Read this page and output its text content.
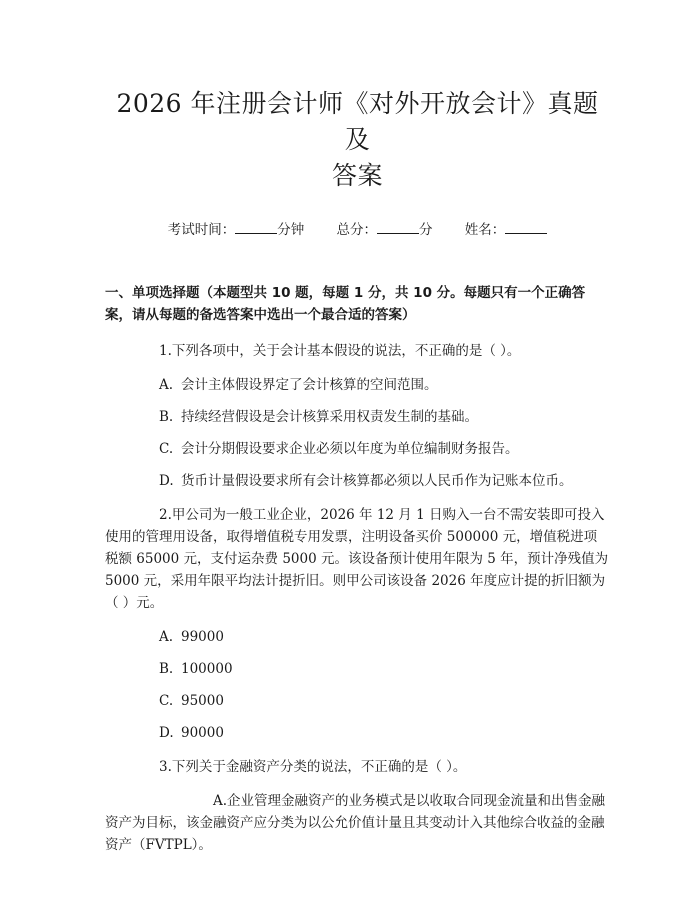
2026 年注册会计师《对外开放会计》真题及
答案
考试时间：	分钟 总分：	分 姓名：
一、单项选择题（本题型共 10 题，每题 1 分，共 10 分。每题只有一个正确答案，请从每题的备选答案中选出一个最合适的答案）

1.下列各项中，关于会计基本假设的说法，不正确的是（ ）。

A. 会计主体假设界定了会计核算的空间范围。

B. 持续经营假设是会计核算采用权责发生制的基础。

C. 会计分期假设要求企业必须以年度为单位编制财务报告。

D. 货币计量假设要求所有会计核算都必须以人民币作为记账本位币。

2.甲公司为一般工业企业，2026 年 12 月 1 日购入一台不需安装即可投入使用的管理用设备，取得增值税专用发票，注明设备买价 500000 元，增值税进项税额 65000 元，支付运杂费 5000 元。该设备预计使用年限为 5 年，预计净残值为 5000 元，采用年限平均法计提折旧。则甲公司该设备 2026 年度应计提的折旧额为（ ）元。

A. 99000

B. 100000

C. 95000

D. 90000

3.下列关于金融资产分类的说法，不正确的是（ ）。

A.企业管理金融资产的业务模式是以收取合同现金流量和出售金融资产为目标，该金融资产应分类为以公允价值计量且其变动计入其他综合收益的金融资产（FVTPL）。
